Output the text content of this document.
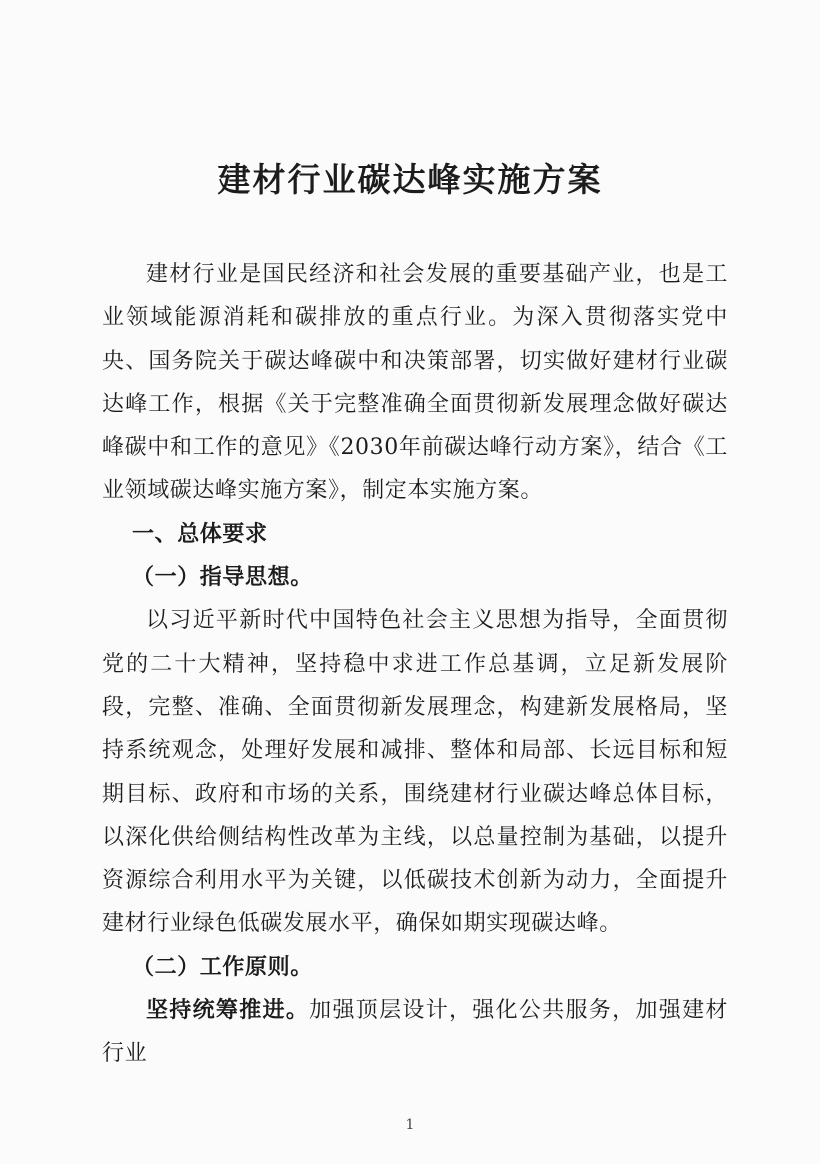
建材行业碳达峰实施方案

建材行业是国民经济和社会发展的重要基础产业，也是工业领域能源消耗和碳排放的重点行业。为深入贯彻落实党中央、国务院关于碳达峰碳中和决策部署，切实做好建材行业碳达峰工作，根据《关于完整准确全面贯彻新发展理念做好碳达峰碳中和工作的意见》《2030年前碳达峰行动方案》，结合《工业领域碳达峰实施方案》，制定本实施方案。

一、总体要求

（一）指导思想。

以习近平新时代中国特色社会主义思想为指导，全面贯彻党的二十大精神，坚持稳中求进工作总基调，立足新发展阶段，完整、准确、全面贯彻新发展理念，构建新发展格局，坚持系统观念，处理好发展和减排、整体和局部、长远目标和短期目标、政府和市场的关系，围绕建材行业碳达峰总体目标，以深化供给侧结构性改革为主线，以总量控制为基础，以提升资源综合利用水平为关键，以低碳技术创新为动力，全面提升建材行业绿色低碳发展水平，确保如期实现碳达峰。

（二）工作原则。

坚持统筹推进。加强顶层设计，强化公共服务，加强建材行业

1
